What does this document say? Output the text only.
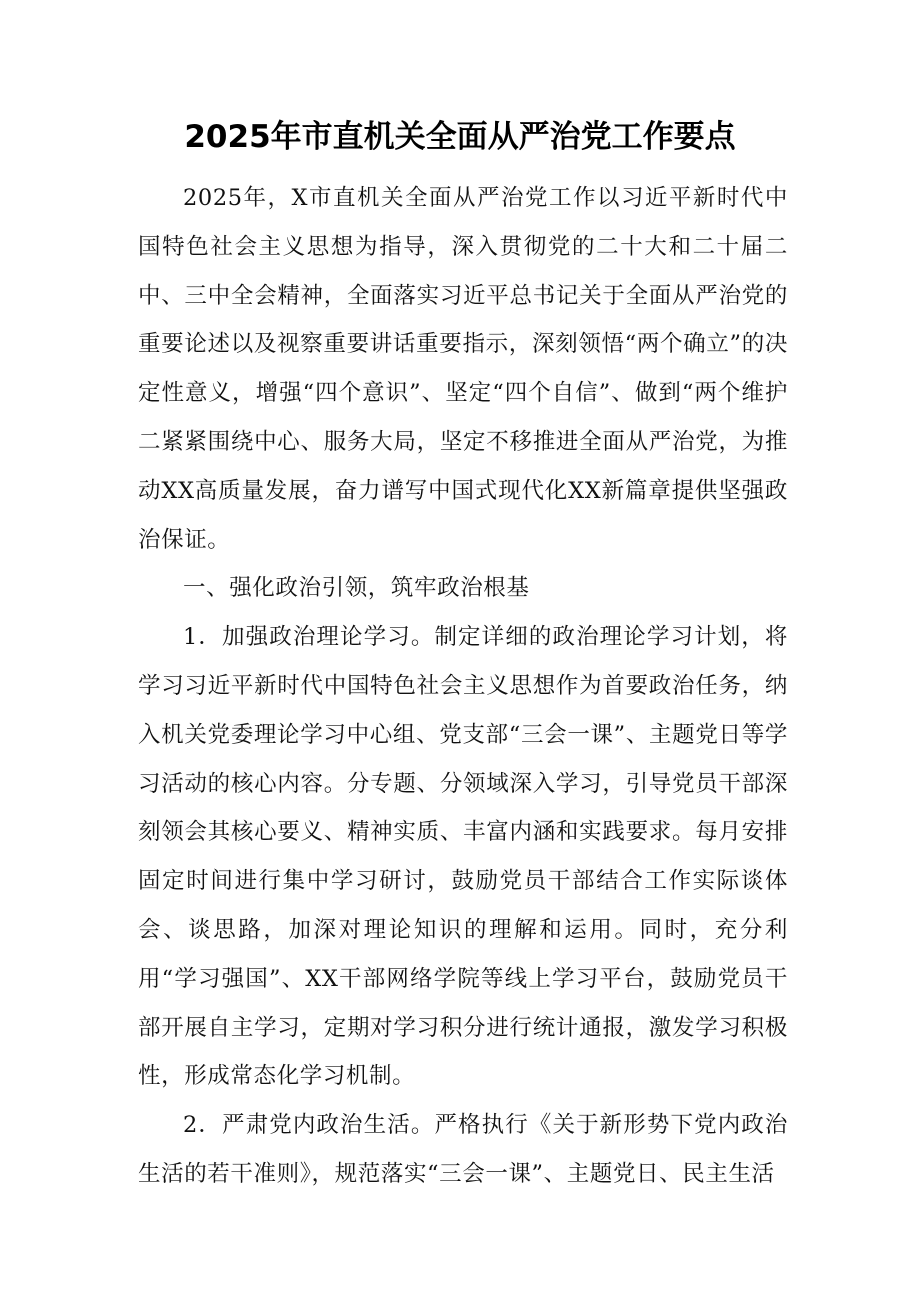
2025年市直机关全面从严治党工作要点

2025年，X市直机关全面从严治党工作以习近平新时代中国特色社会主义思想为指导，深入贯彻党的二十大和二十届二中、三中全会精神，全面落实习近平总书记关于全面从严治党的重要论述以及视察重要讲话重要指示，深刻领悟“两个确立”的决定性意义，增强“四个意识”、坚定“四个自信”、做到“两个维护二紧紧围绕中心、服务大局，坚定不移推进全面从严治党，为推动XX高质量发展，奋力谱写中国式现代化XX新篇章提供坚强政治保证。

一、强化政治引领，筑牢政治根基

1．加强政治理论学习。制定详细的政治理论学习计划，将学习习近平新时代中国特色社会主义思想作为首要政治任务，纳入机关党委理论学习中心组、党支部“三会一课”、主题党日等学习活动的核心内容。分专题、分领域深入学习，引导党员干部深刻领会其核心要义、精神实质、丰富内涵和实践要求。每月安排固定时间进行集中学习研讨，鼓励党员干部结合工作实际谈体会、谈思路，加深对理论知识的理解和运用。同时，充分利用“学习强国”、XX干部网络学院等线上学习平台，鼓励党员干部开展自主学习，定期对学习积分进行统计通报，激发学习积极性，形成常态化学习机制。

2．严肃党内政治生活。严格执行《关于新形势下党内政治生活的若干准则》，规范落实“三会一课”、主题党日、民主生活
